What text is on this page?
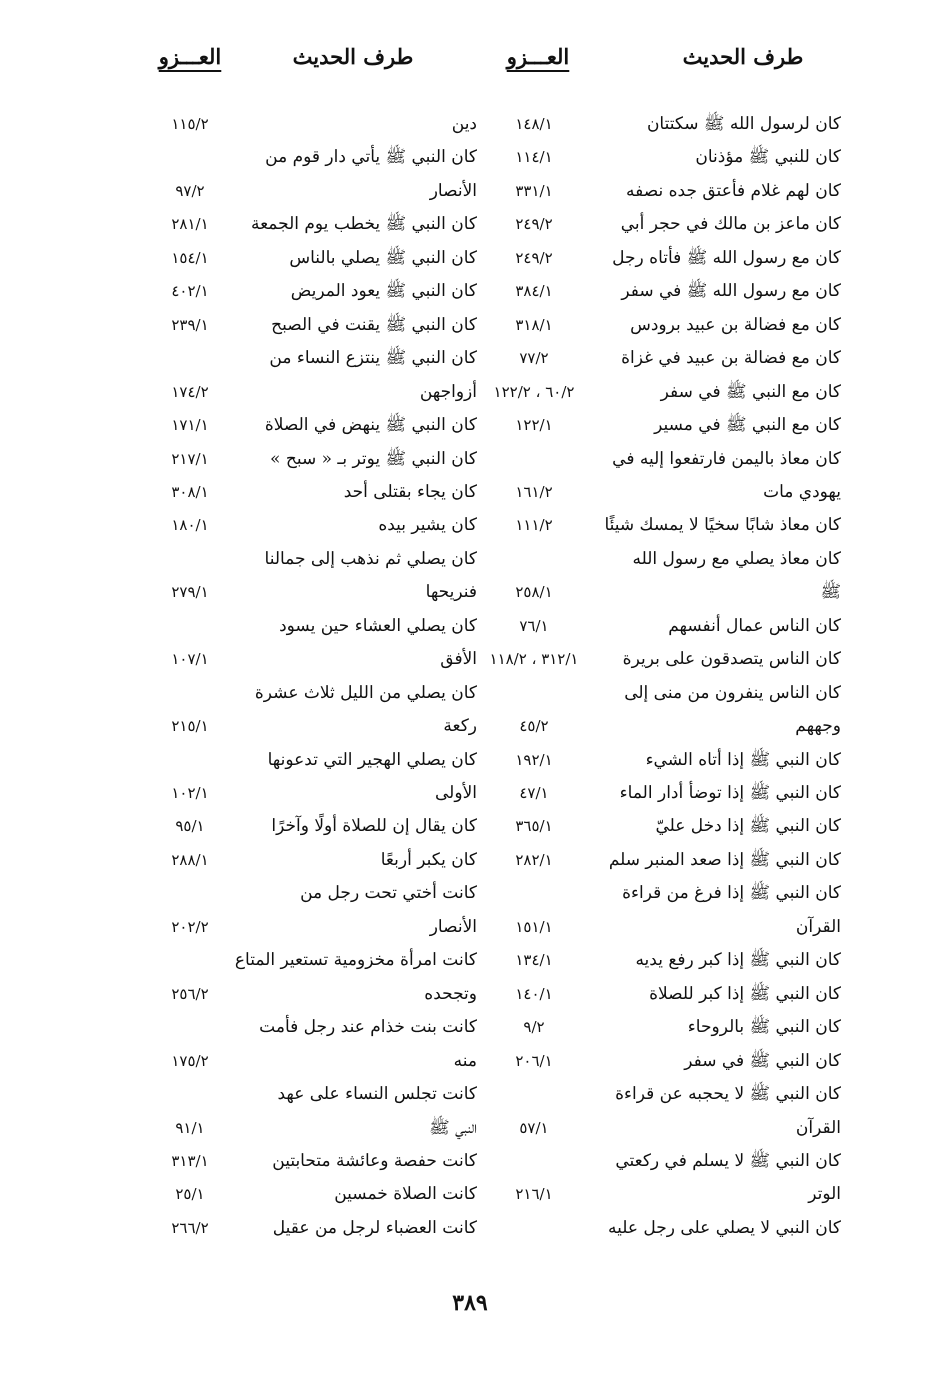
طرف الحديث
العـــزو
طرف الحديث
العـــزو
كان لرسول الله ﷺ سكتتان
١٤٨/١
كان للنبي ﷺ مؤذنان
١١٤/١
كان لهم غلام فأعتق جده نصفه
٣٣١/١
كان ماعز بن مالك في حجر أبي
٢٤٩/٢
كان مع رسول الله ﷺ فأتاه رجل
٢٤٩/٢
كان مع رسول الله ﷺ في سفر
٣٨٤/١
كان مع فضالة بن عبيد برودس
٣١٨/١
كان مع فضالة بن عبيد في غزاة
٧٧/٢
كان مع النبي ﷺ في سفر
٦٠/٢ ، ١٢٢/٢
كان مع النبي ﷺ في مسير
١٢٢/١
كان معاذ باليمن فارتفعوا إليه في
يهودي مات
١٦١/٢
كان معاذ شابًا سخيًا لا يمسك شيئًا
١١١/٢
كان معاذ يصلي مع رسول الله
ﷺ
٢٥٨/١
كان الناس عمال أنفسهم
٧٦/١
كان الناس يتصدقون على بريرة
٣١٢/١ ، ١١٨/٢
كان الناس ينفرون من منى إلى
وجههم
٤٥/٢
كان النبي ﷺ إذا أتاه الشيء
١٩٢/١
كان النبي ﷺ إذا توضأ أدار الماء
٤٧/١
كان النبي ﷺ إذا دخل عليّ
٣٦٥/١
كان النبي ﷺ إذا صعد المنبر سلم
٢٨٢/١
كان النبي ﷺ إذا فرغ من قراءة
القرآن
١٥١/١
كان النبي ﷺ إذا كبر رفع يديه
١٣٤/١
كان النبي ﷺ إذا كبر للصلاة
١٤٠/١
كان النبي ﷺ بالروحاء
٩/٢
كان النبي ﷺ في سفر
٢٠٦/١
كان النبي ﷺ لا يحجبه عن قراءة
القرآن
٥٧/١
كان النبي ﷺ لا يسلم في ركعتي
الوتر
٢١٦/١
كان النبي لا يصلي على رجل عليه
دين
١١٥/٢
كان النبي ﷺ يأتي دار قوم من
الأنصار
٩٧/٢
كان النبي ﷺ يخطب يوم الجمعة
٢٨١/١
كان النبي ﷺ يصلي بالناس
١٥٤/١
كان النبي ﷺ يعود المريض
٤٠٢/١
كان النبي ﷺ يقنت في الصبح
٢٣٩/١
كان النبي ﷺ ينتزع النساء من
أزواجهن
١٧٤/٢
كان النبي ﷺ ينهض في الصلاة
١٧١/١
كان النبي ﷺ يوتر بـ « سبح »
٢١٧/١
كان يجاء بقتلى أحد
٣٠٨/١
كان يشير بيده
١٨٠/١
كان يصلي ثم نذهب إلى جمالنا
فنريحها
٢٧٩/١
كان يصلي العشاء حين يسود
الأفق
١٠٧/١
كان يصلي من الليل ثلاث عشرة
ركعة
٢١٥/١
كان يصلي الهجير التي تدعونها
الأولى
١٠٢/١
كان يقال إن للصلاة أولًا وآخرًا
٩٥/١
كان يكبر أربعًا
٢٨٨/١
كانت أختي تحت رجل من
الأنصار
٢٠٢/٢
كانت امرأة مخزومية تستعير المتاع
وتجحده
٢٥٦/٢
كانت بنت خذام عند رجل فأمت
منه
١٧٥/٢
كانت تجلس النساء على عهد
النبي ﷺ
٩١/١
كانت حفصة وعائشة متحابتين
٣١٣/١
كانت الصلاة خمسين
٢٥/١
كانت العضباء لرجل من عقيل
٢٦٦/٢
٣٨٩
